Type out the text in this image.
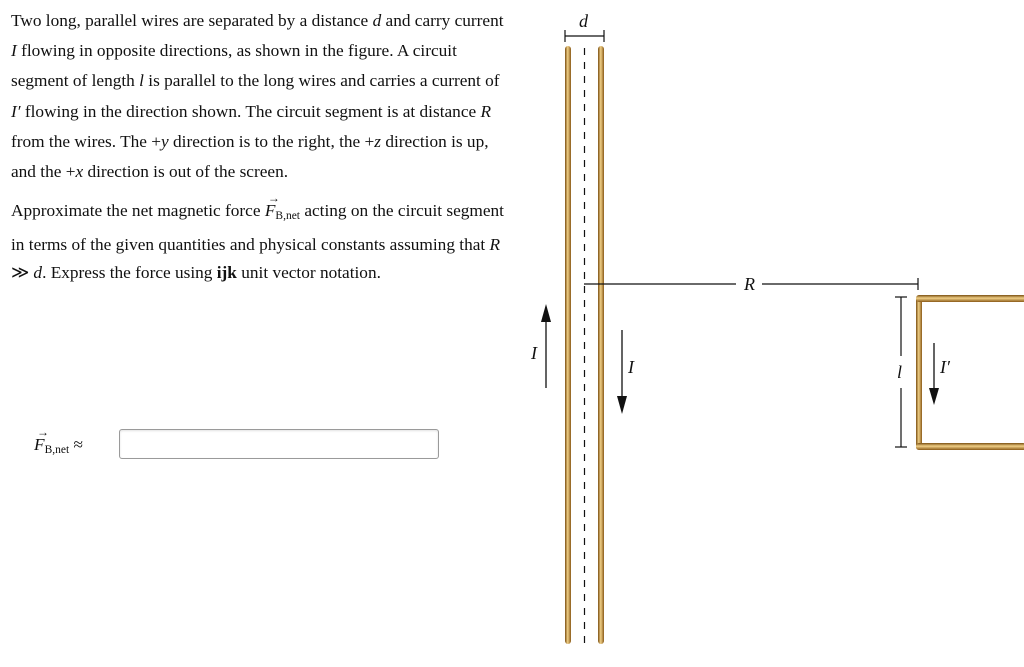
Two long, parallel wires are separated by a distance d and carry current I flowing in opposite directions, as shown in the figure. A circuit segment of length l is parallel to the long wires and carries a current of I′ flowing in the direction shown. The circuit segment is at distance R from the wires. The +y direction is to the right, the +z direction is up, and the +x direction is out of the screen.

Approximate the net magnetic force → $F_{B,net}$ acting on the circuit segment in terms of the given quantities and physical constants assuming that R ≫ d. Express the force using ijk unit vector notation.

→ $F_{B,net}$ ≈
d
I
I
R
l I′
